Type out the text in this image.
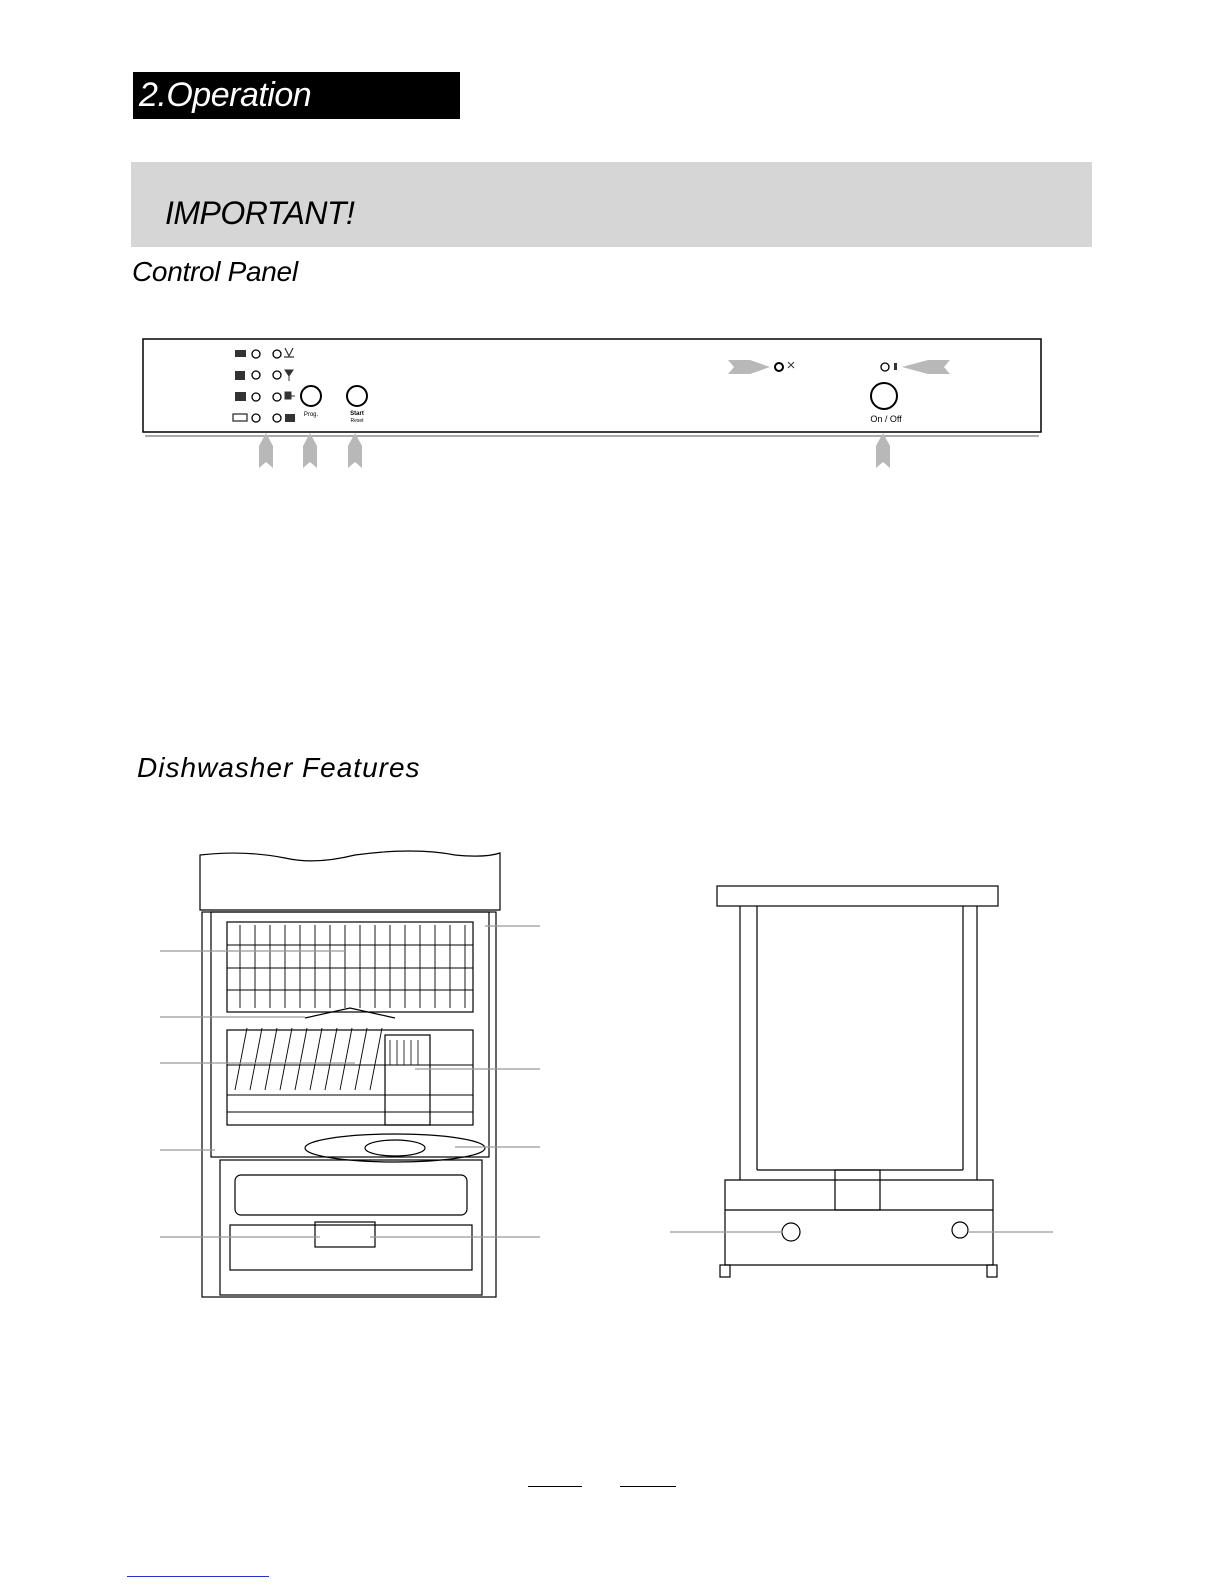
2.Operation Instruction
IMPORTANT!
Control Panel
Prog.	Start
Reset	On / Off
Dishwasher Features
